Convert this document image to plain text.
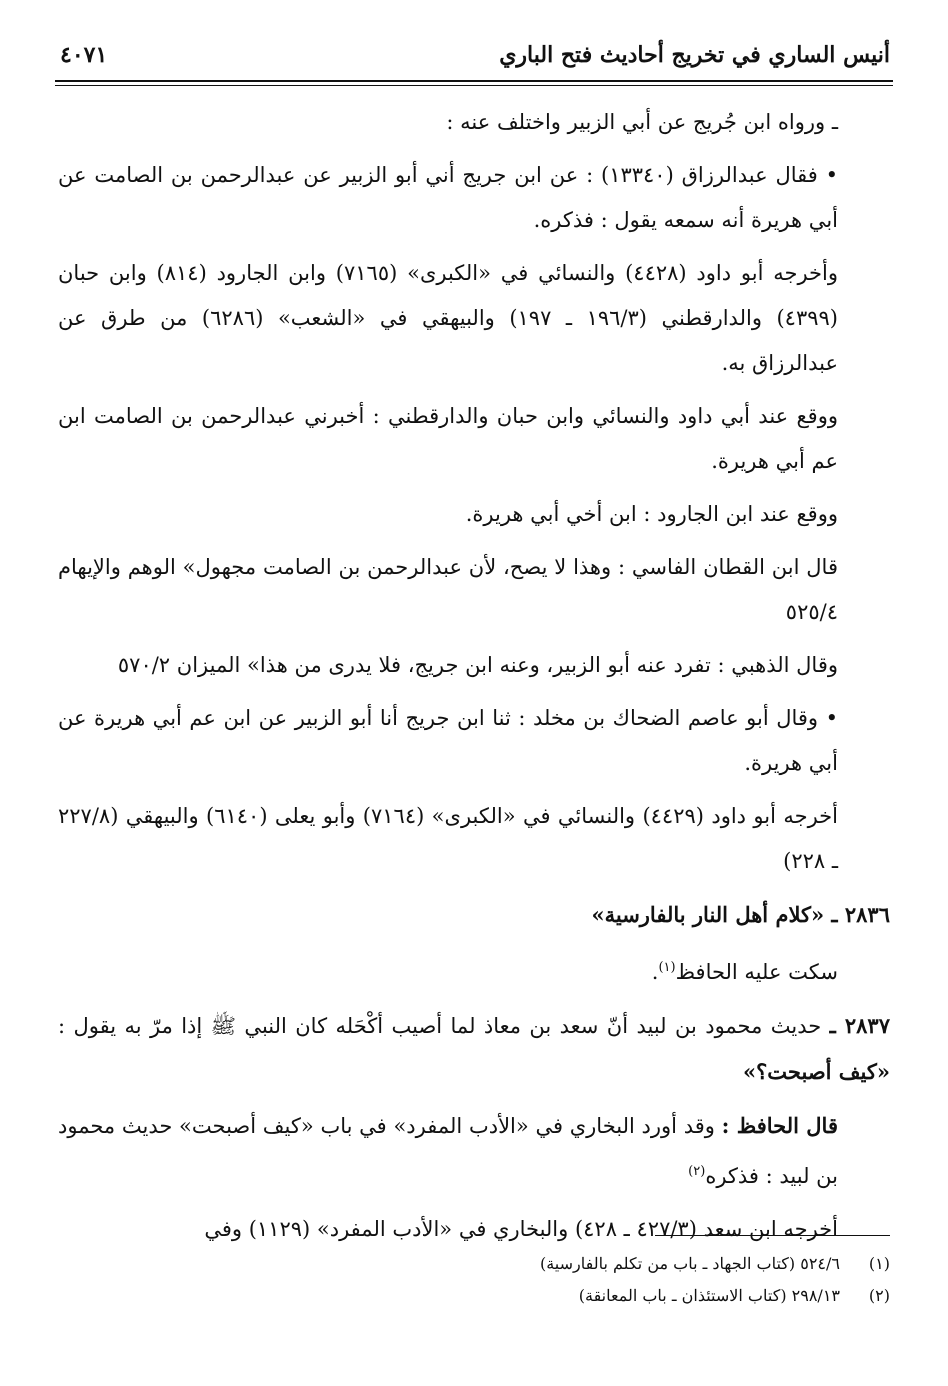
أنيس الساري في تخريج أحاديث فتح الباري
٤٠٧١

ـ ورواه ابن جُريج عن أبي الزبير واختلف عنه :

• فقال عبدالرزاق (١٣٣٤٠) : عن ابن جريج أني أبو الزبير عن عبدالرحمن بن الصامت عن أبي هريرة أنه سمعه يقول : فذكره.

وأخرجه أبو داود (٤٤٢٨) والنسائي في «الكبرى» (٧١٦٥) وابن الجارود (٨١٤) وابن حبان (٤٣٩٩) والدارقطني (١٩٦/٣ ـ ١٩٧) والبيهقي في «الشعب» (٦٢٨٦) من طرق عن عبدالرزاق به.

ووقع عند أبي داود والنسائي وابن حبان والدارقطني : أخبرني عبدالرحمن بن الصامت ابن عم أبي هريرة.

ووقع عند ابن الجارود : ابن أخي أبي هريرة.

قال ابن القطان الفاسي : وهذا لا يصح، لأن عبدالرحمن بن الصامت مجهول» الوهم والإيهام ٥٢٥/٤

وقال الذهبي : تفرد عنه أبو الزبير، وعنه ابن جريج، فلا يدرى من هذا» الميزان ٥٧٠/٢

• وقال أبو عاصم الضحاك بن مخلد : ثنا ابن جريج أنا أبو الزبير عن ابن عم أبي هريرة عن أبي هريرة.

أخرجه أبو داود (٤٤٢٩) والنسائي في «الكبرى» (٧١٦٤) وأبو يعلى (٦١٤٠) والبيهقي (٢٢٧/٨ ـ ٢٢٨)

٢٨٣٦ ـ «كلام أهل النار بالفارسية»

سكت عليه الحافظ$^{(١)}$.

٢٨٣٧ ـ حديث محمود بن لبيد أنّ سعد بن معاذ لما أصيب أكْحَله كان النبي ﷺ إذا مرّ به يقول : «كيف أصبحت؟»

قال الحافظ : وقد أورد البخاري في «الأدب المفرد» في باب «كيف أصبحت» حديث محمود بن لبيد : فذكره$^{(٢)}$

أخرجه ابن سعد (٤٢٧/٣ ـ ٤٢٨) والبخاري في «الأدب المفرد» (١١٢٩) وفي

(١)٥٢٤/٦ (كتاب الجهاد ـ باب من تكلم بالفارسية)
(٢)٢٩٨/١٣ (كتاب الاستئذان ـ باب المعانقة)
